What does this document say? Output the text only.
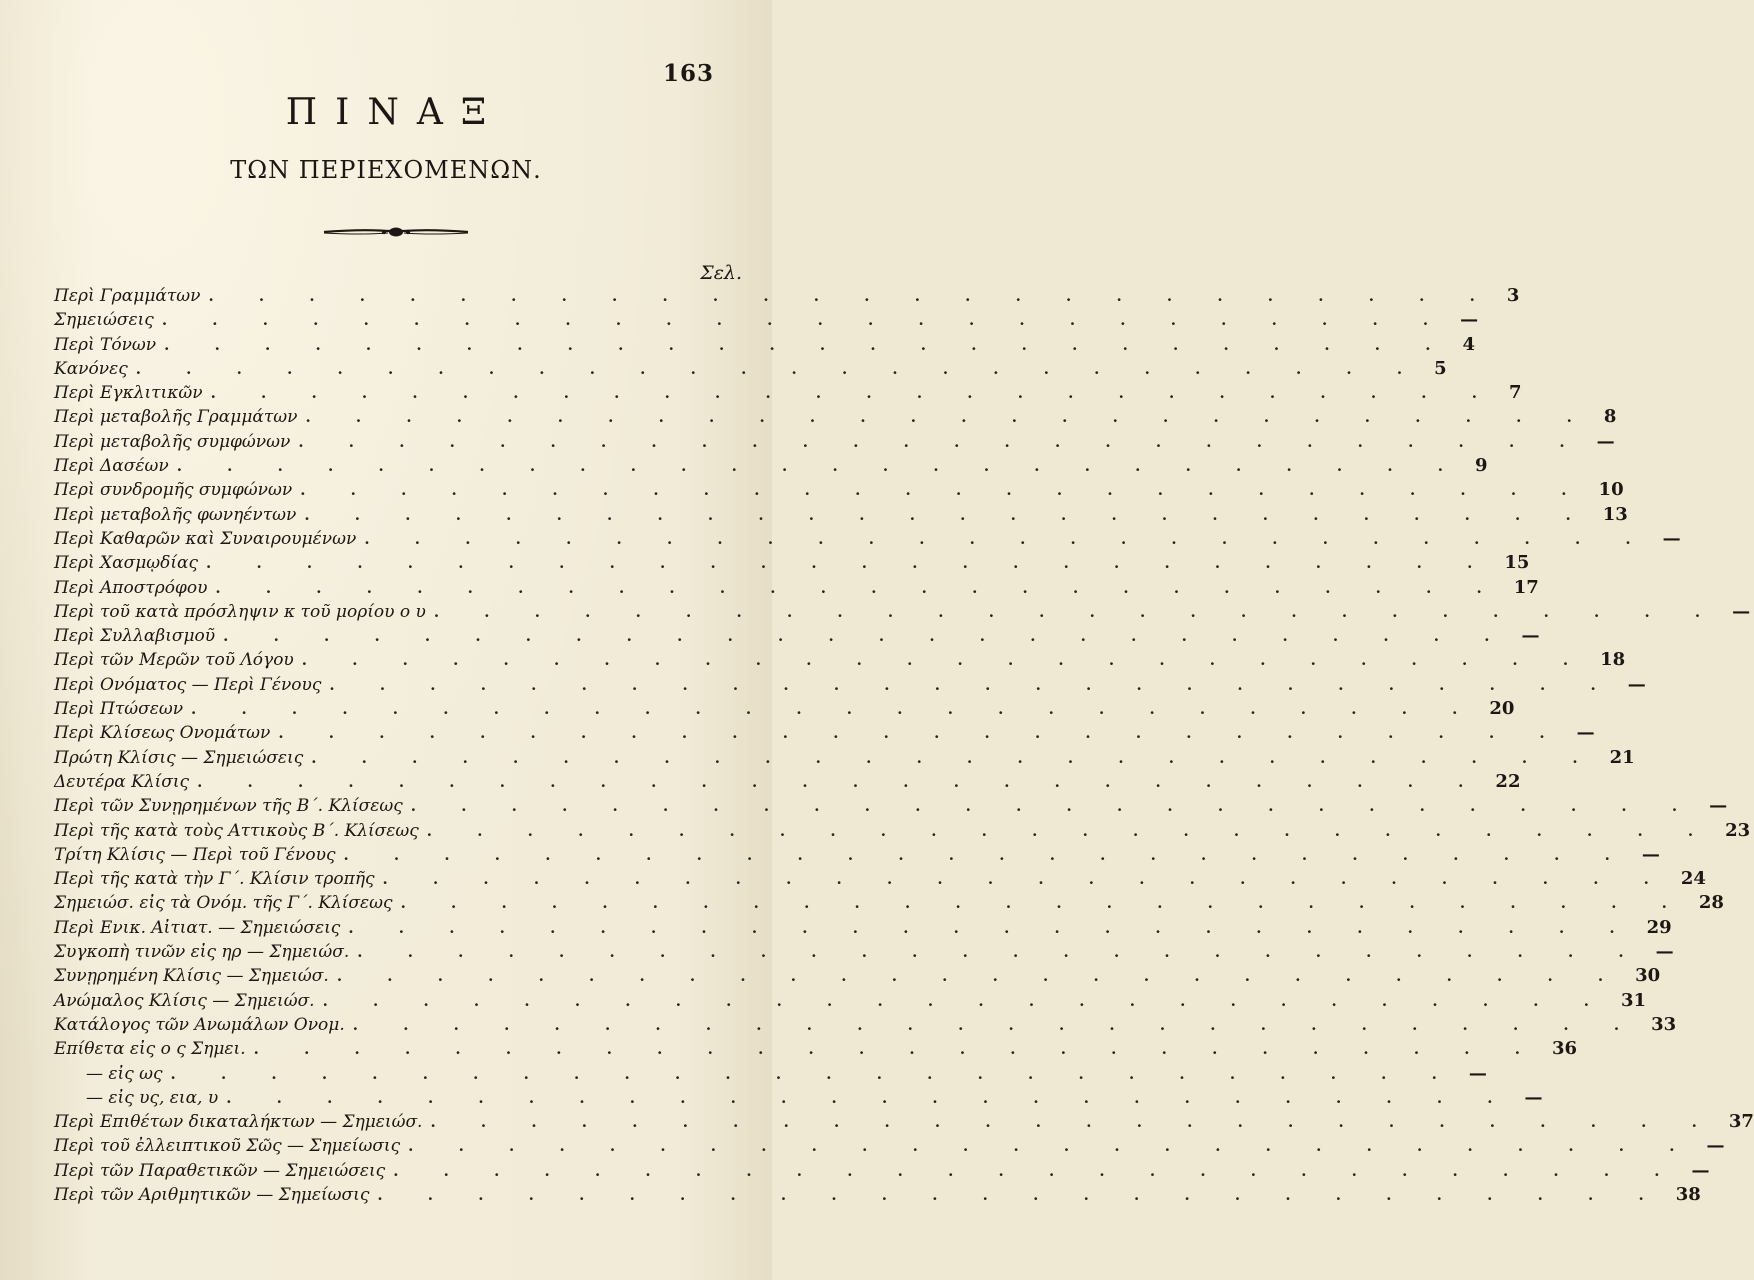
163
ΠΙΝΑΞ
ΤΩΝ ΠΕΡΙΕΧΟΜΕΝΩΝ.
Σελ.
Περὶ Γραμμάτων . . . . . . . . . . . . . . . . . . . . . . . . . . 3
Σημειώσεις . . . . . . . . . . . . . . . . . . . . . . . . . . —
Περὶ Τόνων . . . . . . . . . . . . . . . . . . . . . . . . . . 4
Κανόνες . . . . . . . . . . . . . . . . . . . . . . . . . . 5
Περὶ Εγκλιτικῶν . . . . . . . . . . . . . . . . . . . . . . . . . . 7
Περὶ μεταβολῆς Γραμμάτων . . . . . . . . . . . . . . . . . . . . . . . . . . 8
Περὶ μεταβολῆς συμφώνων . . . . . . . . . . . . . . . . . . . . . . . . . . —
Περὶ Δασέων . . . . . . . . . . . . . . . . . . . . . . . . . . 9
Περὶ συνδρομῆς συμφώνων . . . . . . . . . . . . . . . . . . . . . . . . . . 10
Περὶ μεταβολῆς φωνηέντων . . . . . . . . . . . . . . . . . . . . . . . . . . 13
Περὶ Καθαρῶν καὶ Συναιρουμένων . . . . . . . . . . . . . . . . . . . . . . . . . . —
Περὶ Χασμῳδίας . . . . . . . . . . . . . . . . . . . . . . . . . . 15
Περὶ Αποστρόφου . . . . . . . . . . . . . . . . . . . . . . . . . . 17
Περὶ τοῦ κατὰ πρόσληψιν κ τοῦ μορίου ο υ . . . . . . . . . . . . . . . . . . . . . . . . . . —
Περὶ Συλλαβισμοῦ . . . . . . . . . . . . . . . . . . . . . . . . . . —
Περὶ τῶν Μερῶν τοῦ Λόγου . . . . . . . . . . . . . . . . . . . . . . . . . . 18
Περὶ Ονόματος — Περὶ Γένους . . . . . . . . . . . . . . . . . . . . . . . . . . —
Περὶ Πτώσεων . . . . . . . . . . . . . . . . . . . . . . . . . . 20
Περὶ Κλίσεως Ονομάτων . . . . . . . . . . . . . . . . . . . . . . . . . . —
Πρώτη Κλίσις — Σημειώσεις . . . . . . . . . . . . . . . . . . . . . . . . . . 21
Δευτέρα Κλίσις . . . . . . . . . . . . . . . . . . . . . . . . . . 22
Περὶ τῶν Συνῃρημένων τῆς Β΄. Κλίσεως . . . . . . . . . . . . . . . . . . . . . . . . . . —
Περὶ τῆς κατὰ τοὺς Αττικοὺς Β΄. Κλίσεως . . . . . . . . . . . . . . . . . . . . . . . . . . 23
Τρίτη Κλίσις — Περὶ τοῦ Γένους . . . . . . . . . . . . . . . . . . . . . . . . . . —
Περὶ τῆς κατὰ τὴν Γ΄. Κλίσιν τροπῆς . . . . . . . . . . . . . . . . . . . . . . . . . . 24
Σημειώσ. εἰς τὰ Ονόμ. τῆς Γ΄. Κλίσεως . . . . . . . . . . . . . . . . . . . . . . . . . . 28
Περὶ Ενικ. Αἰτιατ. — Σημειώσεις . . . . . . . . . . . . . . . . . . . . . . . . . . 29
Συγκοπὴ τινῶν εἰς ηρ — Σημειώσ. . . . . . . . . . . . . . . . . . . . . . . . . . . —
Συνῃρημένη Κλίσις — Σημειώσ. . . . . . . . . . . . . . . . . . . . . . . . . . . 30
Ανώμαλος Κλίσις — Σημειώσ. . . . . . . . . . . . . . . . . . . . . . . . . . . 31
Κατάλογος τῶν Ανωμάλων Ονομ. . . . . . . . . . . . . . . . . . . . . . . . . . . 33
Επίθετα εἰς ο ς Σημει. . . . . . . . . . . . . . . . . . . . . . . . . . . 36
— εἰς ως . . . . . . . . . . . . . . . . . . . . . . . . . . —
— εἰς υς, εια, υ . . . . . . . . . . . . . . . . . . . . . . . . . . —
Περὶ Επιθέτων δικαταλήκτων — Σημειώσ. . . . . . . . . . . . . . . . . . . . . . . . . . . 37
Περὶ τοῦ ἐλλειπτικοῦ Σῶς — Σημείωσις . . . . . . . . . . . . . . . . . . . . . . . . . . —
Περὶ τῶν Παραθετικῶν — Σημειώσεις . . . . . . . . . . . . . . . . . . . . . . . . . . —
Περὶ τῶν Αριθμητικῶν — Σημείωσις . . . . . . . . . . . . . . . . . . . . . . . . . . 38
